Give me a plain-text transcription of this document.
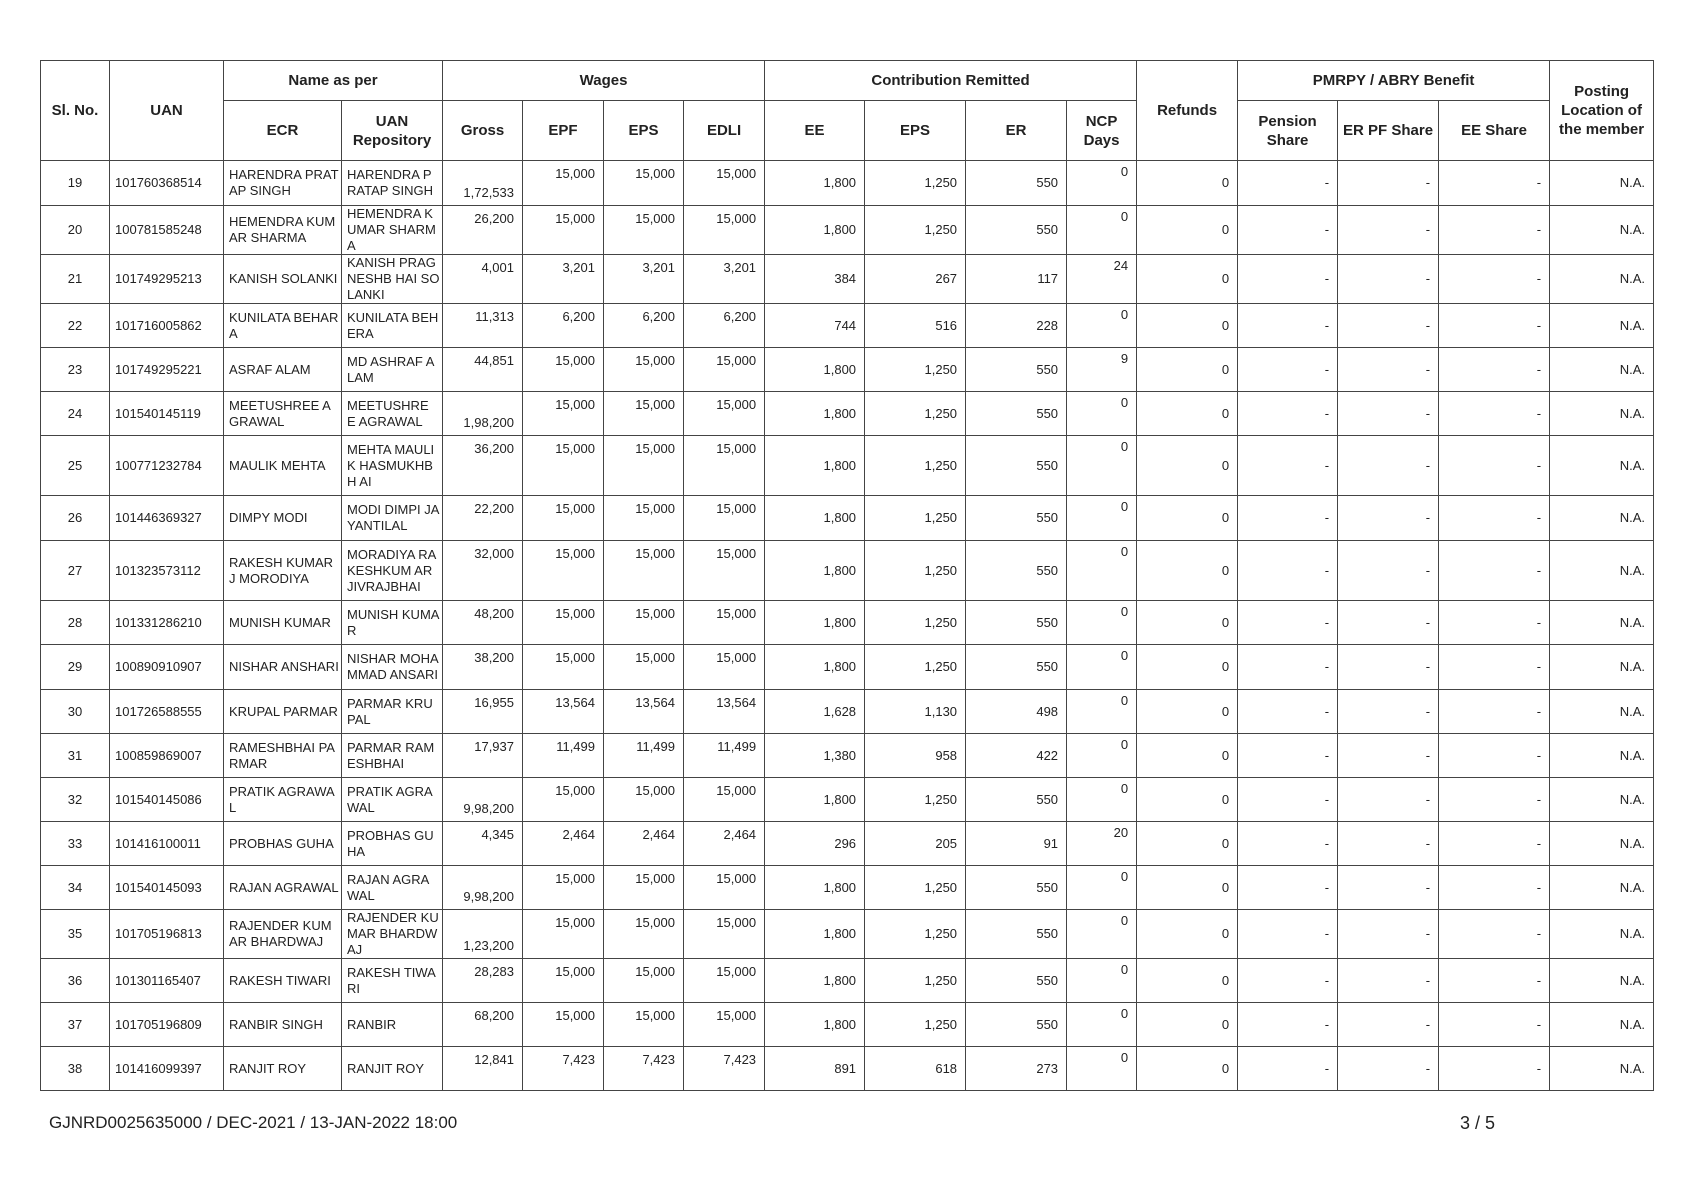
Sl. No.	UAN	Name as per		Wages				Contribution Remitted				Refunds	PMRPY / ABRY Benefit			Posting Location of the member
		ECR	UAN Repository	Gross	EPF	EPS	EDLI	EE	EPS	ER	NCP Days		Pension Share	ER PF Share	EE Share	
19	101760368514	HARENDRA PRATAP SINGH	HARENDRA PRATAP SINGH	1,72,533	15,000	15,000	15,000	1,800	1,250	550	0	0	-	-	-	N.A.
20	100781585248	HEMENDRA KUMAR SHARMA	HEMENDRA KUMAR SHARMA	26,200	15,000	15,000	15,000	1,800	1,250	550	0	0	-	-	-	N.A.
21	101749295213	KANISH SOLANKI	KANISH PRAGNESHB HAI SOLANKI	4,001	3,201	3,201	3,201	384	267	117	24	0	-	-	-	N.A.
22	101716005862	KUNILATA BEHARA	KUNILATA BEHERA	11,313	6,200	6,200	6,200	744	516	228	0	0	-	-	-	N.A.
23	101749295221	ASRAF ALAM	MD ASHRAF ALAM	44,851	15,000	15,000	15,000	1,800	1,250	550	9	0	-	-	-	N.A.
24	101540145119	MEETUSHREE AGRAWAL	MEETUSHRE E AGRAWAL	1,98,200	15,000	15,000	15,000	1,800	1,250	550	0	0	-	-	-	N.A.
25	100771232784	MAULIK MEHTA	MEHTA MAULIK HASMUKHBH AI	36,200	15,000	15,000	15,000	1,800	1,250	550	0	0	-	-	-	N.A.
26	101446369327	DIMPY MODI	MODI DIMPI JAYANTILAL	22,200	15,000	15,000	15,000	1,800	1,250	550	0	0	-	-	-	N.A.
27	101323573112	RAKESH KUMAR J MORODIYA	MORADIYA RAKESHKUM AR JIVRAJBHAI	32,000	15,000	15,000	15,000	1,800	1,250	550	0	0	-	-	-	N.A.
28	101331286210	MUNISH KUMAR	MUNISH KUMAR	48,200	15,000	15,000	15,000	1,800	1,250	550	0	0	-	-	-	N.A.
29	100890910907	NISHAR ANSHARI	NISHAR MOHAMMAD ANSARI	38,200	15,000	15,000	15,000	1,800	1,250	550	0	0	-	-	-	N.A.
30	101726588555	KRUPAL PARMAR	PARMAR KRUPAL	16,955	13,564	13,564	13,564	1,628	1,130	498	0	0	-	-	-	N.A.
31	100859869007	RAMESHBHAI PARMAR	PARMAR RAMESHBHAI	17,937	11,499	11,499	11,499	1,380	958	422	0	0	-	-	-	N.A.
32	101540145086	PRATIK AGRAWAL	PRATIK AGRAWAL	9,98,200	15,000	15,000	15,000	1,800	1,250	550	0	0	-	-	-	N.A.
33	101416100011	PROBHAS GUHA	PROBHAS GUHA	4,345	2,464	2,464	2,464	296	205	91	20	0	-	-	-	N.A.
34	101540145093	RAJAN AGRAWAL	RAJAN AGRAWAL	9,98,200	15,000	15,000	15,000	1,800	1,250	550	0	0	-	-	-	N.A.
35	101705196813	RAJENDER KUMAR BHARDWAJ	RAJENDER KUMAR BHARDWAJ	1,23,200	15,000	15,000	15,000	1,800	1,250	550	0	0	-	-	-	N.A.
36	101301165407	RAKESH TIWARI	RAKESH TIWARI	28,283	15,000	15,000	15,000	1,800	1,250	550	0	0	-	-	-	N.A.
37	101705196809	RANBIR SINGH	RANBIR	68,200	15,000	15,000	15,000	1,800	1,250	550	0	0	-	-	-	N.A.
38	101416099397	RANJIT ROY	RANJIT ROY	12,841	7,423	7,423	7,423	891	618	273	0	0	-	-	-	N.A.
GJNRD0025635000 / DEC-2021 / 13-JAN-2022 18:00	3 / 5
